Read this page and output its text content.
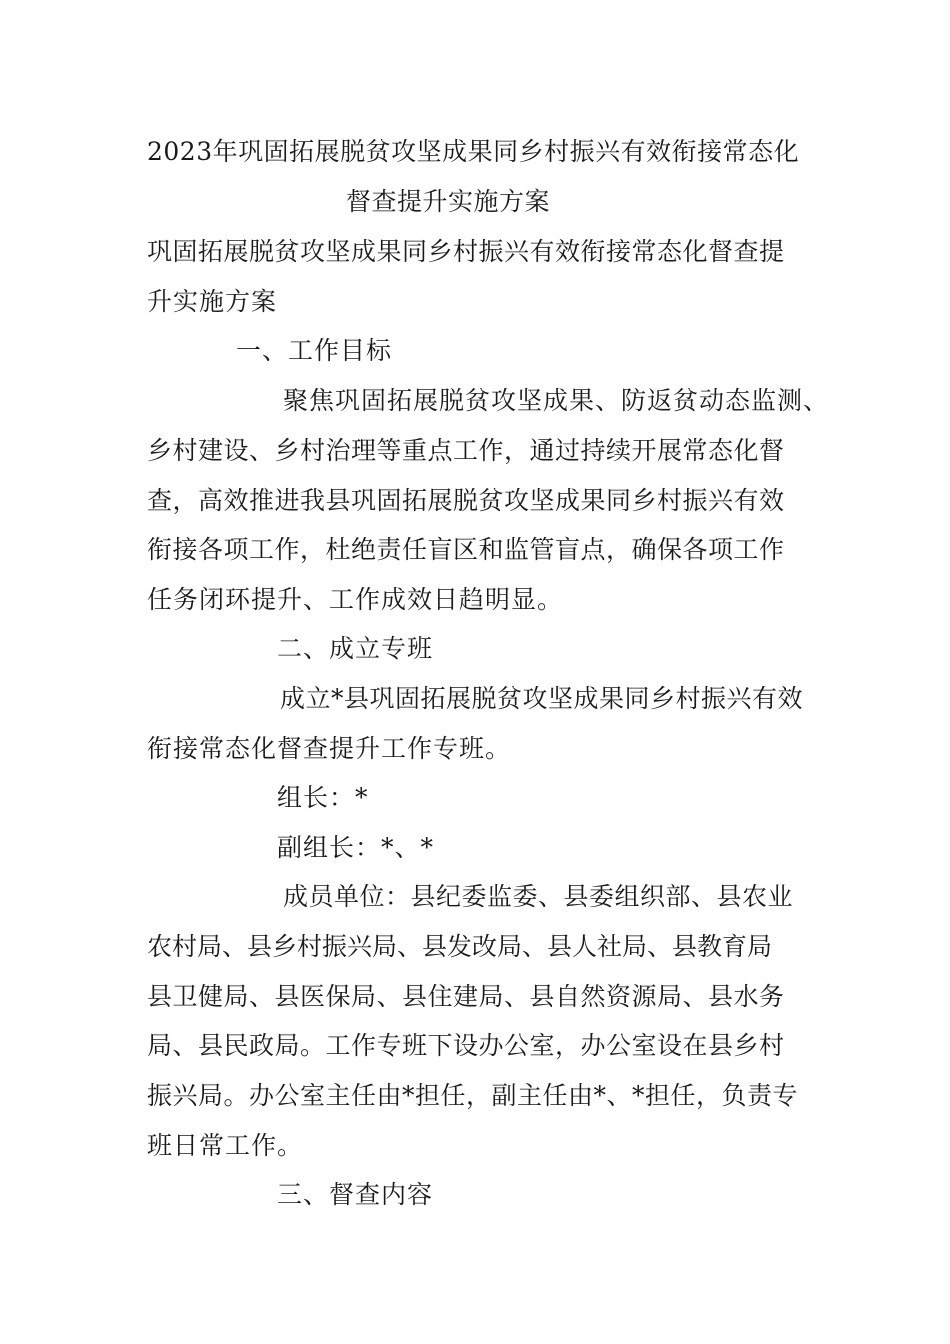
2023年巩固拓展脱贫攻坚成果同乡村振兴有效衔接常态化
督查提升实施方案
巩固拓展脱贫攻坚成果同乡村振兴有效衔接常态化督查提
升实施方案
一、工作目标
聚焦巩固拓展脱贫攻坚成果、防返贫动态监测、
乡村建设、乡村治理等重点工作，通过持续开展常态化督
查，高效推进我县巩固拓展脱贫攻坚成果同乡村振兴有效
衔接各项工作，杜绝责任盲区和监管盲点，确保各项工作
任务闭环提升、工作成效日趋明显。
二、成立专班
成立*县巩固拓展脱贫攻坚成果同乡村振兴有效
衔接常态化督查提升工作专班。
组长：*
副组长：*、*
成员单位：县纪委监委、县委组织部、县农业
农村局、县乡村振兴局、县发改局、县人社局、县教育局
县卫健局、县医保局、县住建局、县自然资源局、县水务
局、县民政局。工作专班下设办公室，办公室设在县乡村
振兴局。办公室主任由*担任，副主任由*、*担任，负责专
班日常工作。
三、督查内容
